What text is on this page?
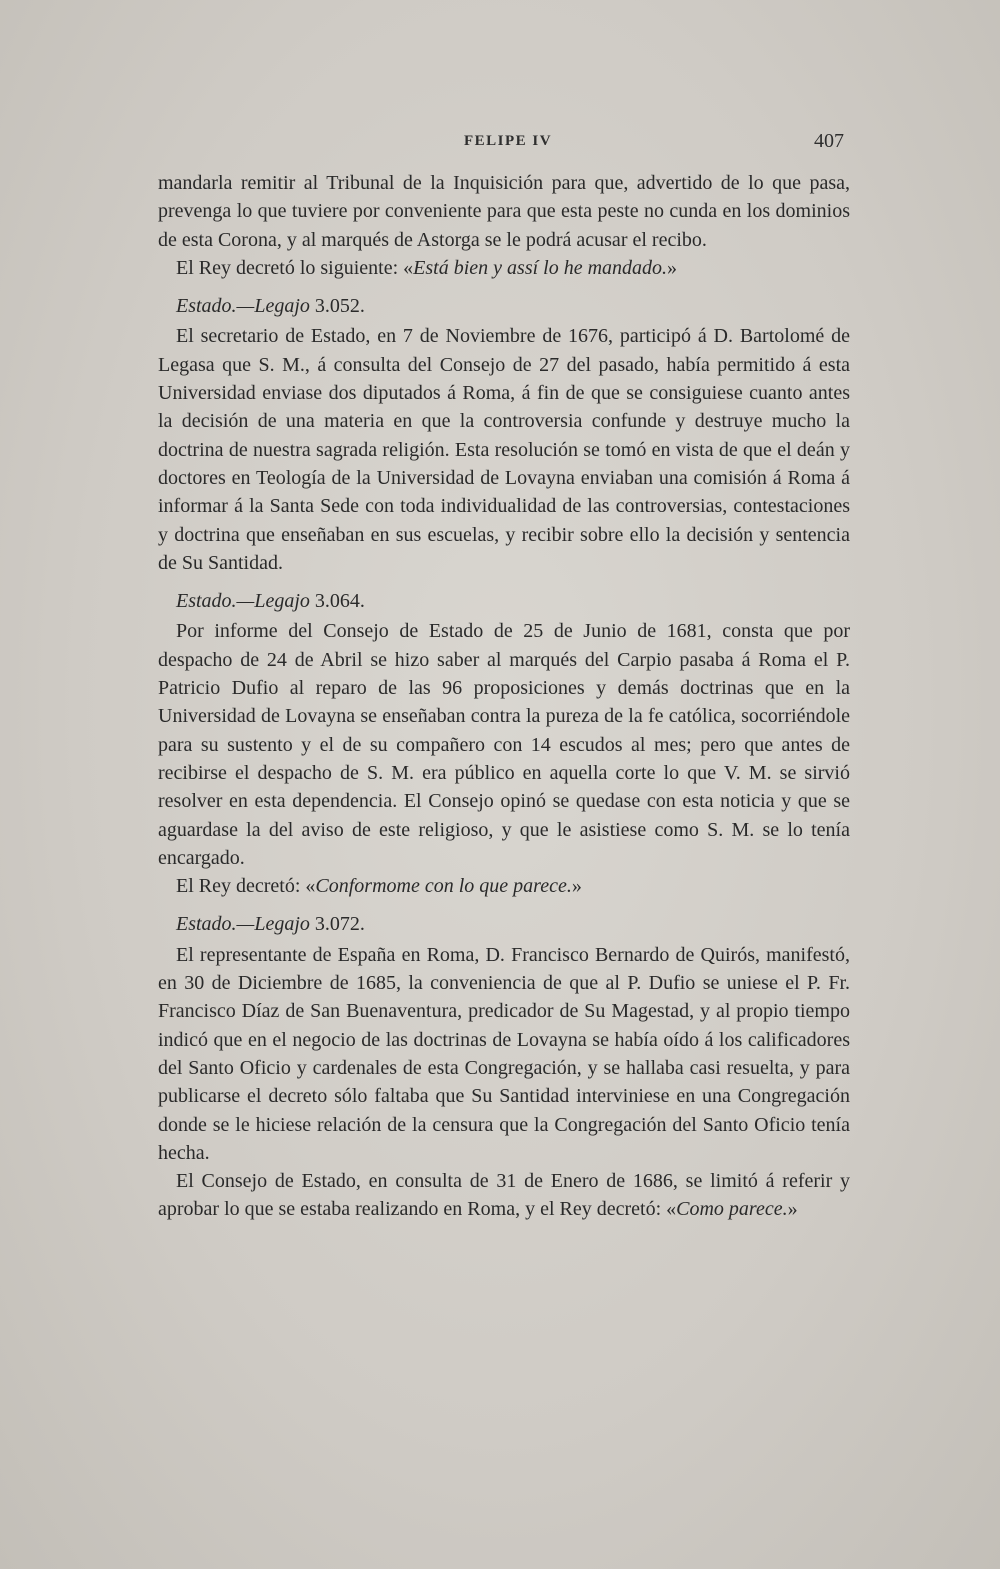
FELIPE IV	407

mandarla remitir al Tribunal de la Inquisición para que, advertido de lo que pasa, prevenga lo que tuviere por conveniente para que esta peste no cunda en los dominios de esta Corona, y al marqués de Astorga se le podrá acusar el recibo.

El Rey decretó lo siguiente: «Está bien y assí lo he mandado.»

Estado.—Legajo 3.052.

El secretario de Estado, en 7 de Noviembre de 1676, participó á D. Bartolomé de Legasa que S. M., á consulta del Consejo de 27 del pasado, había permitido á esta Universidad enviase dos diputados á Roma, á fin de que se consiguiese cuanto antes la decisión de una materia en que la controversia confunde y destruye mucho la doctrina de nuestra sagrada religión. Esta resolución se tomó en vista de que el deán y doctores en Teología de la Universidad de Lovayna enviaban una comisión á Roma á informar á la Santa Sede con toda individualidad de las controversias, contestaciones y doctrina que enseñaban en sus escuelas, y recibir sobre ello la decisión y sentencia de Su Santidad.

Estado.—Legajo 3.064.

Por informe del Consejo de Estado de 25 de Junio de 1681, consta que por despacho de 24 de Abril se hizo saber al marqués del Carpio pasaba á Roma el P. Patricio Dufio al reparo de las 96 proposiciones y demás doctrinas que en la Universidad de Lovayna se enseñaban contra la pureza de la fe católica, socorriéndole para su sustento y el de su compañero con 14 escudos al mes; pero que antes de recibirse el despacho de S. M. era público en aquella corte lo que V. M. se sirvió resolver en esta dependencia. El Consejo opinó se quedase con esta noticia y que se aguardase la del aviso de este religioso, y que le asistiese como S. M. se lo tenía encargado.

El Rey decretó: «Conformome con lo que parece.»

Estado.—Legajo 3.072.

El representante de España en Roma, D. Francisco Bernardo de Quirós, manifestó, en 30 de Diciembre de 1685, la conveniencia de que al P. Dufio se uniese el P. Fr. Francisco Díaz de San Buenaventura, predicador de Su Magestad, y al propio tiempo indicó que en el negocio de las doctrinas de Lovayna se había oído á los calificadores del Santo Oficio y cardenales de esta Congregación, y se hallaba casi resuelta, y para publicarse el decreto sólo faltaba que Su Santidad interviniese en una Congregación donde se le hiciese relación de la censura que la Congregación del Santo Oficio tenía hecha.

El Consejo de Estado, en consulta de 31 de Enero de 1686, se limitó á referir y aprobar lo que se estaba realizando en Roma, y el Rey decretó: «Como parece.»
